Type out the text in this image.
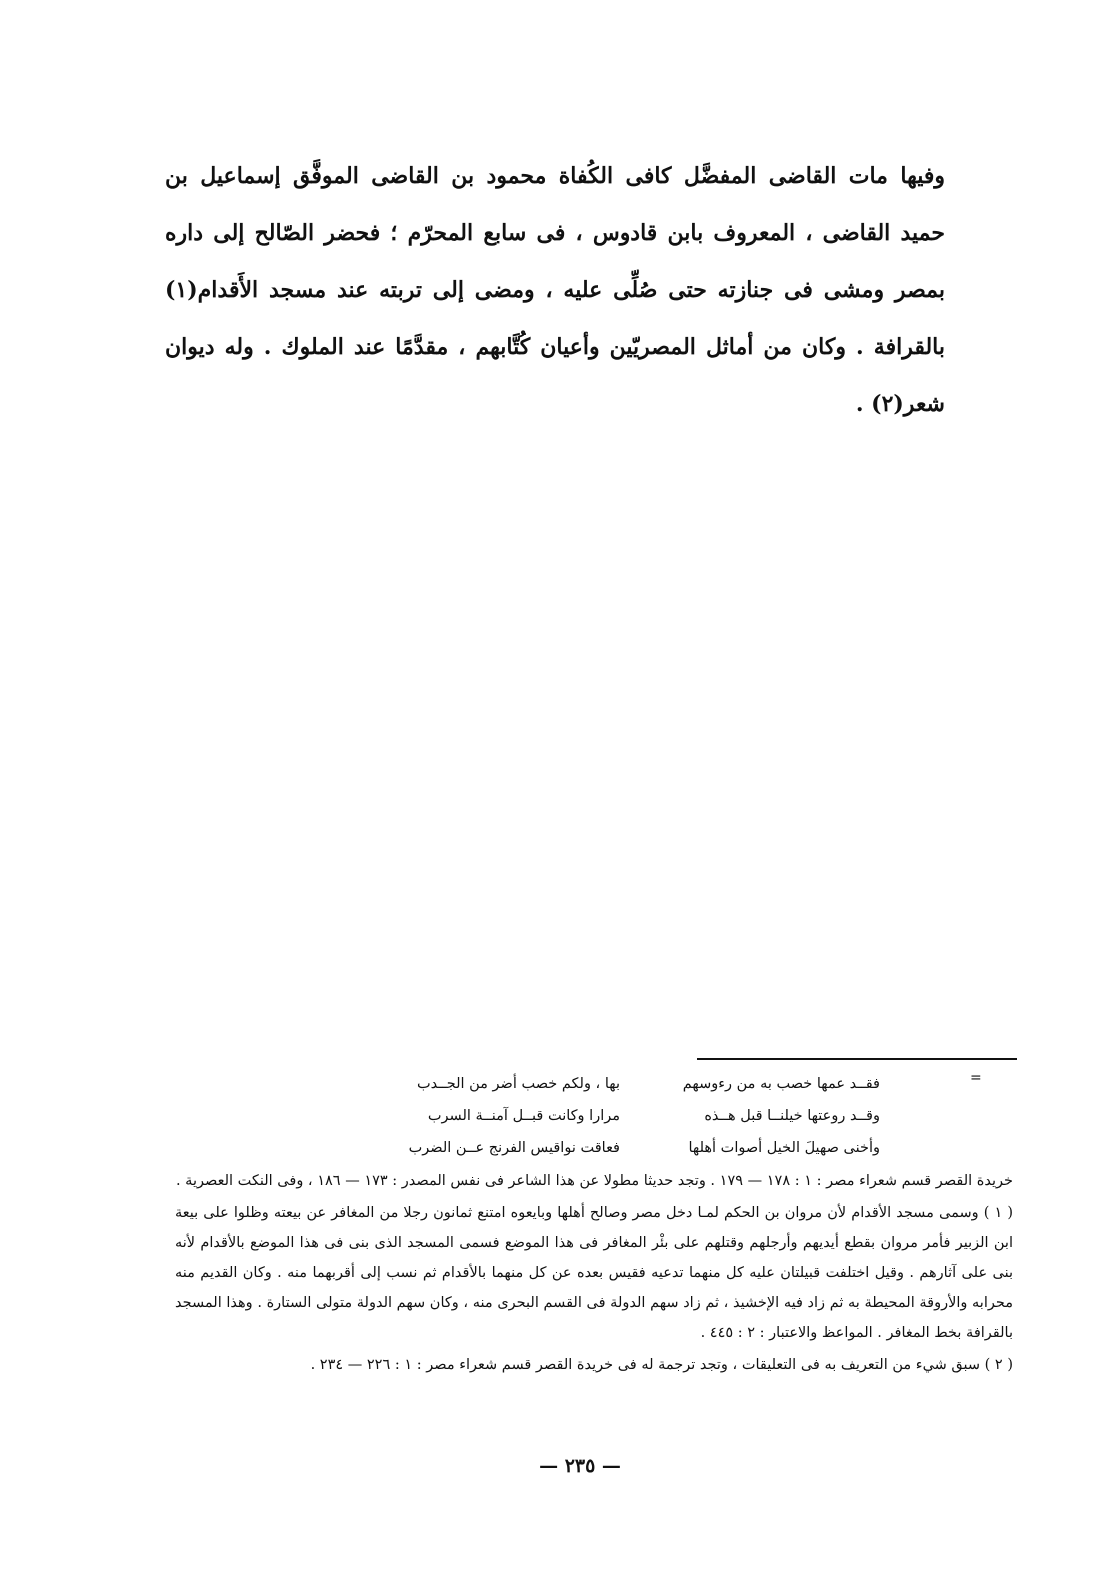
وفيها مات القاضى المفضَّل كافى الكُفاة محمود بن القاضى الموفَّق إسماعيل بن حميد القاضى ، المعروف بابن قادوس ، فى سابع المحرّم ؛ فحضر الصّالح إلى داره بمصر ومشى فى جنازته حتى صُلِّى عليه ، ومضى إلى تربته عند مسجد الأَقدام(١) بالقرافة . وكان من أماثل المصريّين وأعيان كُتَّابهم ، مقدَّمًا عند الملوك . وله ديوان شعر(٢) .
=
فقــد عمها خصب به من رءوسهم
بها ، ولكم خصب أضر من الجــدب
وقــد روعتها خيلنــا قبل هــذه
مرارا وكانت قبــل آمنــة السرب
وأخنى صهيلَ الخيل أصوات أهلها
فعاقت نواقيس الفرنج عــن الضرب

خريدة القصر قسم شعراء مصر : ١ : ١٧٨ — ١٧٩ . وتجد حديثا مطولا عن هذا الشاعر فى نفس المصدر : ١٧٣ — ١٨٦ ، وفى النكت العصرية .

( ١ ) وسمى مسجد الأقدام لأن مروان بن الحكم لمـا دخل مصر وصالح أهلها وبايعوه امتنع ثمانون رجلا من المغافر عن بيعته وظلوا على بيعة ابن الزبير فأمر مروان بقطع أيديهم وأرجلهم وقتلهم على بئْر المغافر فى هذا الموضع فسمى المسجد الذى بنى فى هذا الموضع بالأقدام لأنه بنى على آثارهم . وقيل اختلفت قبيلتان عليه كل منهما تدعيه فقيس بعده عن كل منهما بالأقدام ثم نسب إلى أقربهما منه . وكان القديم منه محرابه والأروقة المحيطة به ثم زاد فيه الإخشيذ ، ثم زاد سهم الدولة فى القسم البحرى منه ، وكان سهم الدولة متولى الستارة . وهذا المسجد بالقرافة بخط المغافر . المواعظ والاعتبار : ٢ : ٤٤٥ .

( ٢ ) سبق شيء من التعريف به فى التعليقات ، وتجد ترجمة له فى خريدة القصر قسم شعراء مصر : ١ : ٢٢٦ — ٢٣٤ .

— ٢٣٥ —
